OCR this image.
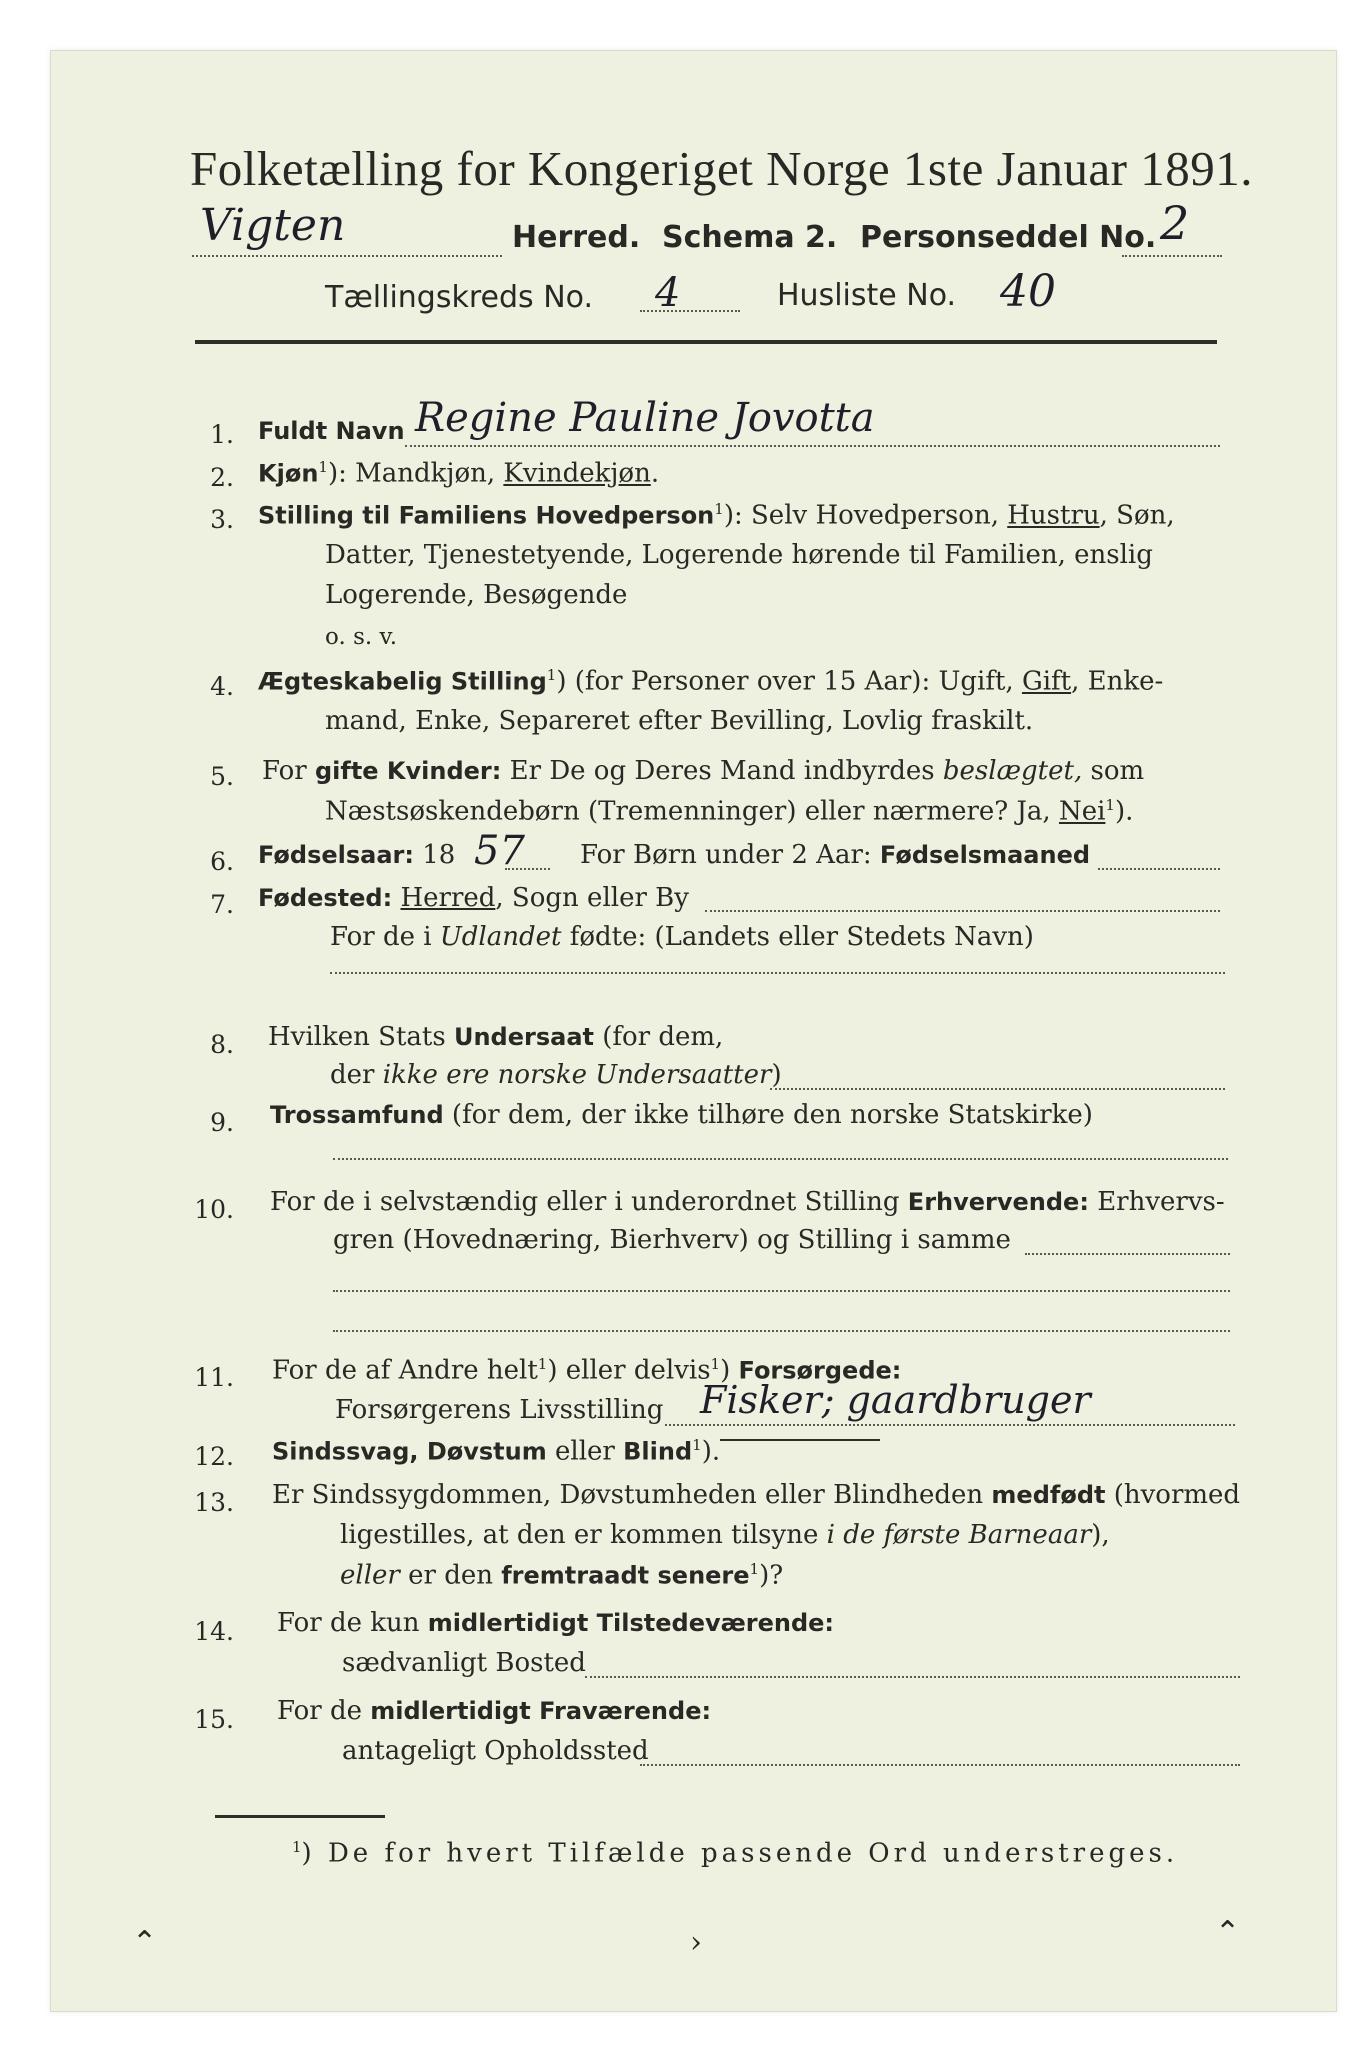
Folketælling for Kongeriget Norge 1ste Januar 1891.
Vigten	Herred. Schema 2. Personseddel No. 2
Tællingskreds No. 4	Husliste No. 40
1. Fuldt Navn Regine Pauline Jovotta
2. Kjøn$^1$): Mandkjøn, Kvindekjøn.
3. Stilling til Familiens Hovedperson$^1$): Selv Hovedperson, Hustru, Søn,
Datter, Tjenestetyende, Logerende hørende til Familien, enslig
Logerende, Besøgende
o. s. v.
4. Ægteskabelig Stilling$^1$) (for Personer over 15 Aar): Ugift, Gift, Enke-
mand, Enke, Separeret efter Bevilling, Lovlig fraskilt.
5. For gifte Kvinder: Er De og Deres Mand indbyrdes beslægtet, som
Næstsøskendebørn (Tremenninger) eller nærmere? Ja, Nei$^1$).
6. Fødselsaar: 18 57 For Børn under 2 Aar: Fødselsmaaned
7. Fødested: Herred, Sogn eller By
For de i Udlandet fødte: (Landets eller Stedets Navn)
8. Hvilken Stats Undersaat (for dem,
der ikke ere norske Undersaatter)
9. Trossamfund (for dem, der ikke tilhøre den norske Statskirke)
10. For de i selvstændig eller i underordnet Stilling Erhvervende: Erhvervs-
gren (Hovednæring, Bierhverv) og Stilling i samme
11. For de af Andre helt$^1$) eller delvis$^1$) Forsørgede:
Forsørgerens Livsstilling Fisker; gaardbruger
12. Sindssvag, Døvstum eller Blind$^1$).
13. Er Sindssygdommen, Døvstumheden eller Blindheden medfødt (hvormed
ligestilles, at den er kommen tilsyne i de første Barneaar),
eller er den fremtraadt senere$^1$)?
14. For de kun midlertidigt Tilstedeværende:
sædvanligt Bosted
15. For de midlertidigt Fraværende:
antageligt Opholdssted
$^1$) De for hvert Tilfælde passende Ord understreges.
⌃	›	⌃
